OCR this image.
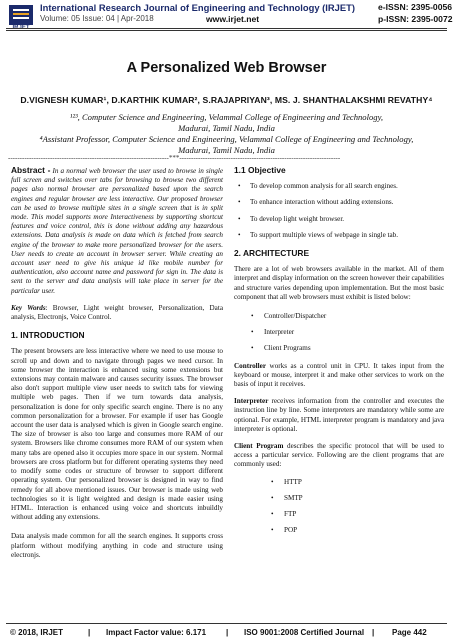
International Research Journal of Engineering and Technology (IRJET)	e-ISSN: 2395-0056
Volume: 05 Issue: 04 | Apr-2018	www.irjet.net	p-ISSN: 2395-0072
A Personalized Web Browser
D.VIGNESH KUMAR¹, D.KARTHIK KUMAR², S.RAJAPRIYAN³, MS. J. SHANTHALAKSHMI REVATHY⁴
¹²³, Computer Science and Engineering, Velammal College of Engineering and Technology,
Madurai, Tamil Nadu, India
⁴Assistant Professor, Computer Science and Engineering, Velammal College of Engineering and Technology,
Madurai, Tamil Nadu, India
---------------------------------------------------------------------***---------------------------------------------------------------------

Abstract - In a normal web browser the user used to browse in single full screen and switches over tabs for browsing to browse two different pages also normal browser are personalized based upon the search engines and regular browser are less interactive. Our proposed browser can be used to browse multiple sites in a single screen that is in split mode. This model supports more Interactiveness by supporting shortcut features and voice control, this is done without adding any hazardous extensions. Data analysis is made on data which is fetched from search engine of the browser to make more personalized browser for the users. User needs to create an account in browser server. While creating an account user need to give his unique id like mobile number for authentication, also account name and password for sign in. The data is sent to the server and data analysis will take place in server for the particular user.

Key Words: Browser, Light weight browser, Personalization, Data analysis, Electronjs, Voice Control.

1. INTRODUCTION

The present browsers are less interactive where we need to use mouse to scroll up and down and to navigate through pages we need cursor. In some browser the interaction is enhanced using some extensions but extensions may contain malware and causes security issues. The browser also don't support multiple view user needs to switch tabs for viewing multiple web pages. Then if we turn towards data analysis, personalization is done for only specific search engine. There is no any common personalization for a browser. For example if user has Google account the user data is analysed which is given in Google search engine. The size of browser is also too large and consumes more RAM of our system. Browsers like chrome consumes more RAM of our system when many tabs are opened also it occupies more space in our system. Normal browsers are cross platform but for different operating systems they need to modify some codes or structure of browser to support different operating system. Our personalized browser is designed in way to find remedy for all above mentioned issues. Our browser is made using web technologies so it is light weighted and design is made easier using HTML. Interaction is enhanced using voice and shortcuts inbuildly without adding any extensions.

Data analysis made common for all the search engines. It supports cross platform without modifying anything in code and structure using electronjs.

1.1 Objective
• To develop common analysis for all search engines.
• To enhance interaction without adding extensions.
• To develop light weight browser.
• To support multiple views of webpage in single tab.
2. ARCHITECTURE

There are a lot of web browsers available in the market. All of them interpret and display information on the screen however their capabilities and structure varies depending upon implementation. But the most basic component that all web browsers must exhibit is listed below:

• Controller/Dispatcher
• Interpreter
• Client Programs

Controller works as a control unit in CPU. It takes input from the keyboard or mouse, interpret it and make other services to work on the basis of input it receives.

Interpreter receives information from the controller and executes the instruction line by line. Some interpreters are mandatory while some are optional. For example, HTML interpreter program is mandatory and java interpreter is optional.

Client Program describes the specific protocol that will be used to access a particular service. Following are the client programs that are commonly used:

• HTTP
• SMTP
• FTP
• POP
© 2018, IRJET	| Impact Factor value: 6.171 | ISO 9001:2008 Certified Journal | Page 442
